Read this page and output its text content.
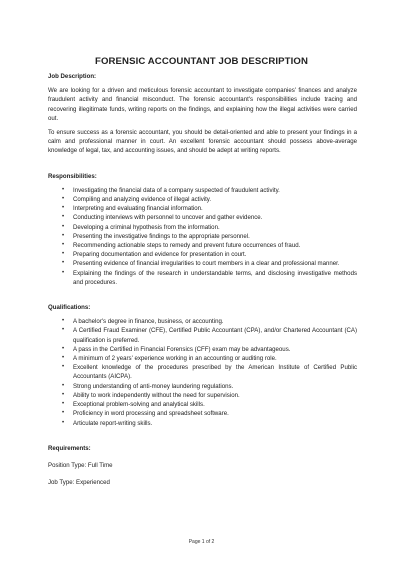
FORENSIC ACCOUNTANT JOB DESCRIPTION
Job Description:

We are looking for a driven and meticulous forensic accountant to investigate companies' finances and analyze fraudulent activity and financial misconduct. The forensic accountant's responsibilities include tracing and recovering illegitimate funds, writing reports on the findings, and explaining how the illegal activities were carried out.

To ensure success as a forensic accountant, you should be detail-oriented and able to present your findings in a calm and professional manner in court. An excellent forensic accountant should possess above-average knowledge of legal, tax, and accounting issues, and should be adept at writing reports.

Responsibilities:
• Investigating the financial data of a company suspected of fraudulent activity.
• Compiling and analyzing evidence of illegal activity.
• Interpreting and evaluating financial information.
• Conducting interviews with personnel to uncover and gather evidence.
• Developing a criminal hypothesis from the information.
• Presenting the investigative findings to the appropriate personnel.
• Recommending actionable steps to remedy and prevent future occurrences of fraud.
• Preparing documentation and evidence for presentation in court.
• Presenting evidence of financial irregularities to court members in a clear and professional manner.
• Explaining the findings of the research in understandable terms, and disclosing investigative methods and procedures.
Qualifications:
• A bachelor's degree in finance, business, or accounting.
• A Certified Fraud Examiner (CFE), Certified Public Accountant (CPA), and/or Chartered Accountant (CA) qualification is preferred.
• A pass in the Certified in Financial Forensics (CFF) exam may be advantageous.
• A minimum of 2 years' experience working in an accounting or auditing role.
• Excellent knowledge of the procedures prescribed by the American Institute of Certified Public Accountants (AICPA).
• Strong understanding of anti-money laundering regulations.
• Ability to work independently without the need for supervision.
• Exceptional problem-solving and analytical skills.
• Proficiency in word processing and spreadsheet software.
• Articulate report-writing skills.
Requirements:
Position Type: Full Time
Job Type: Experienced
Page 1 of 2
